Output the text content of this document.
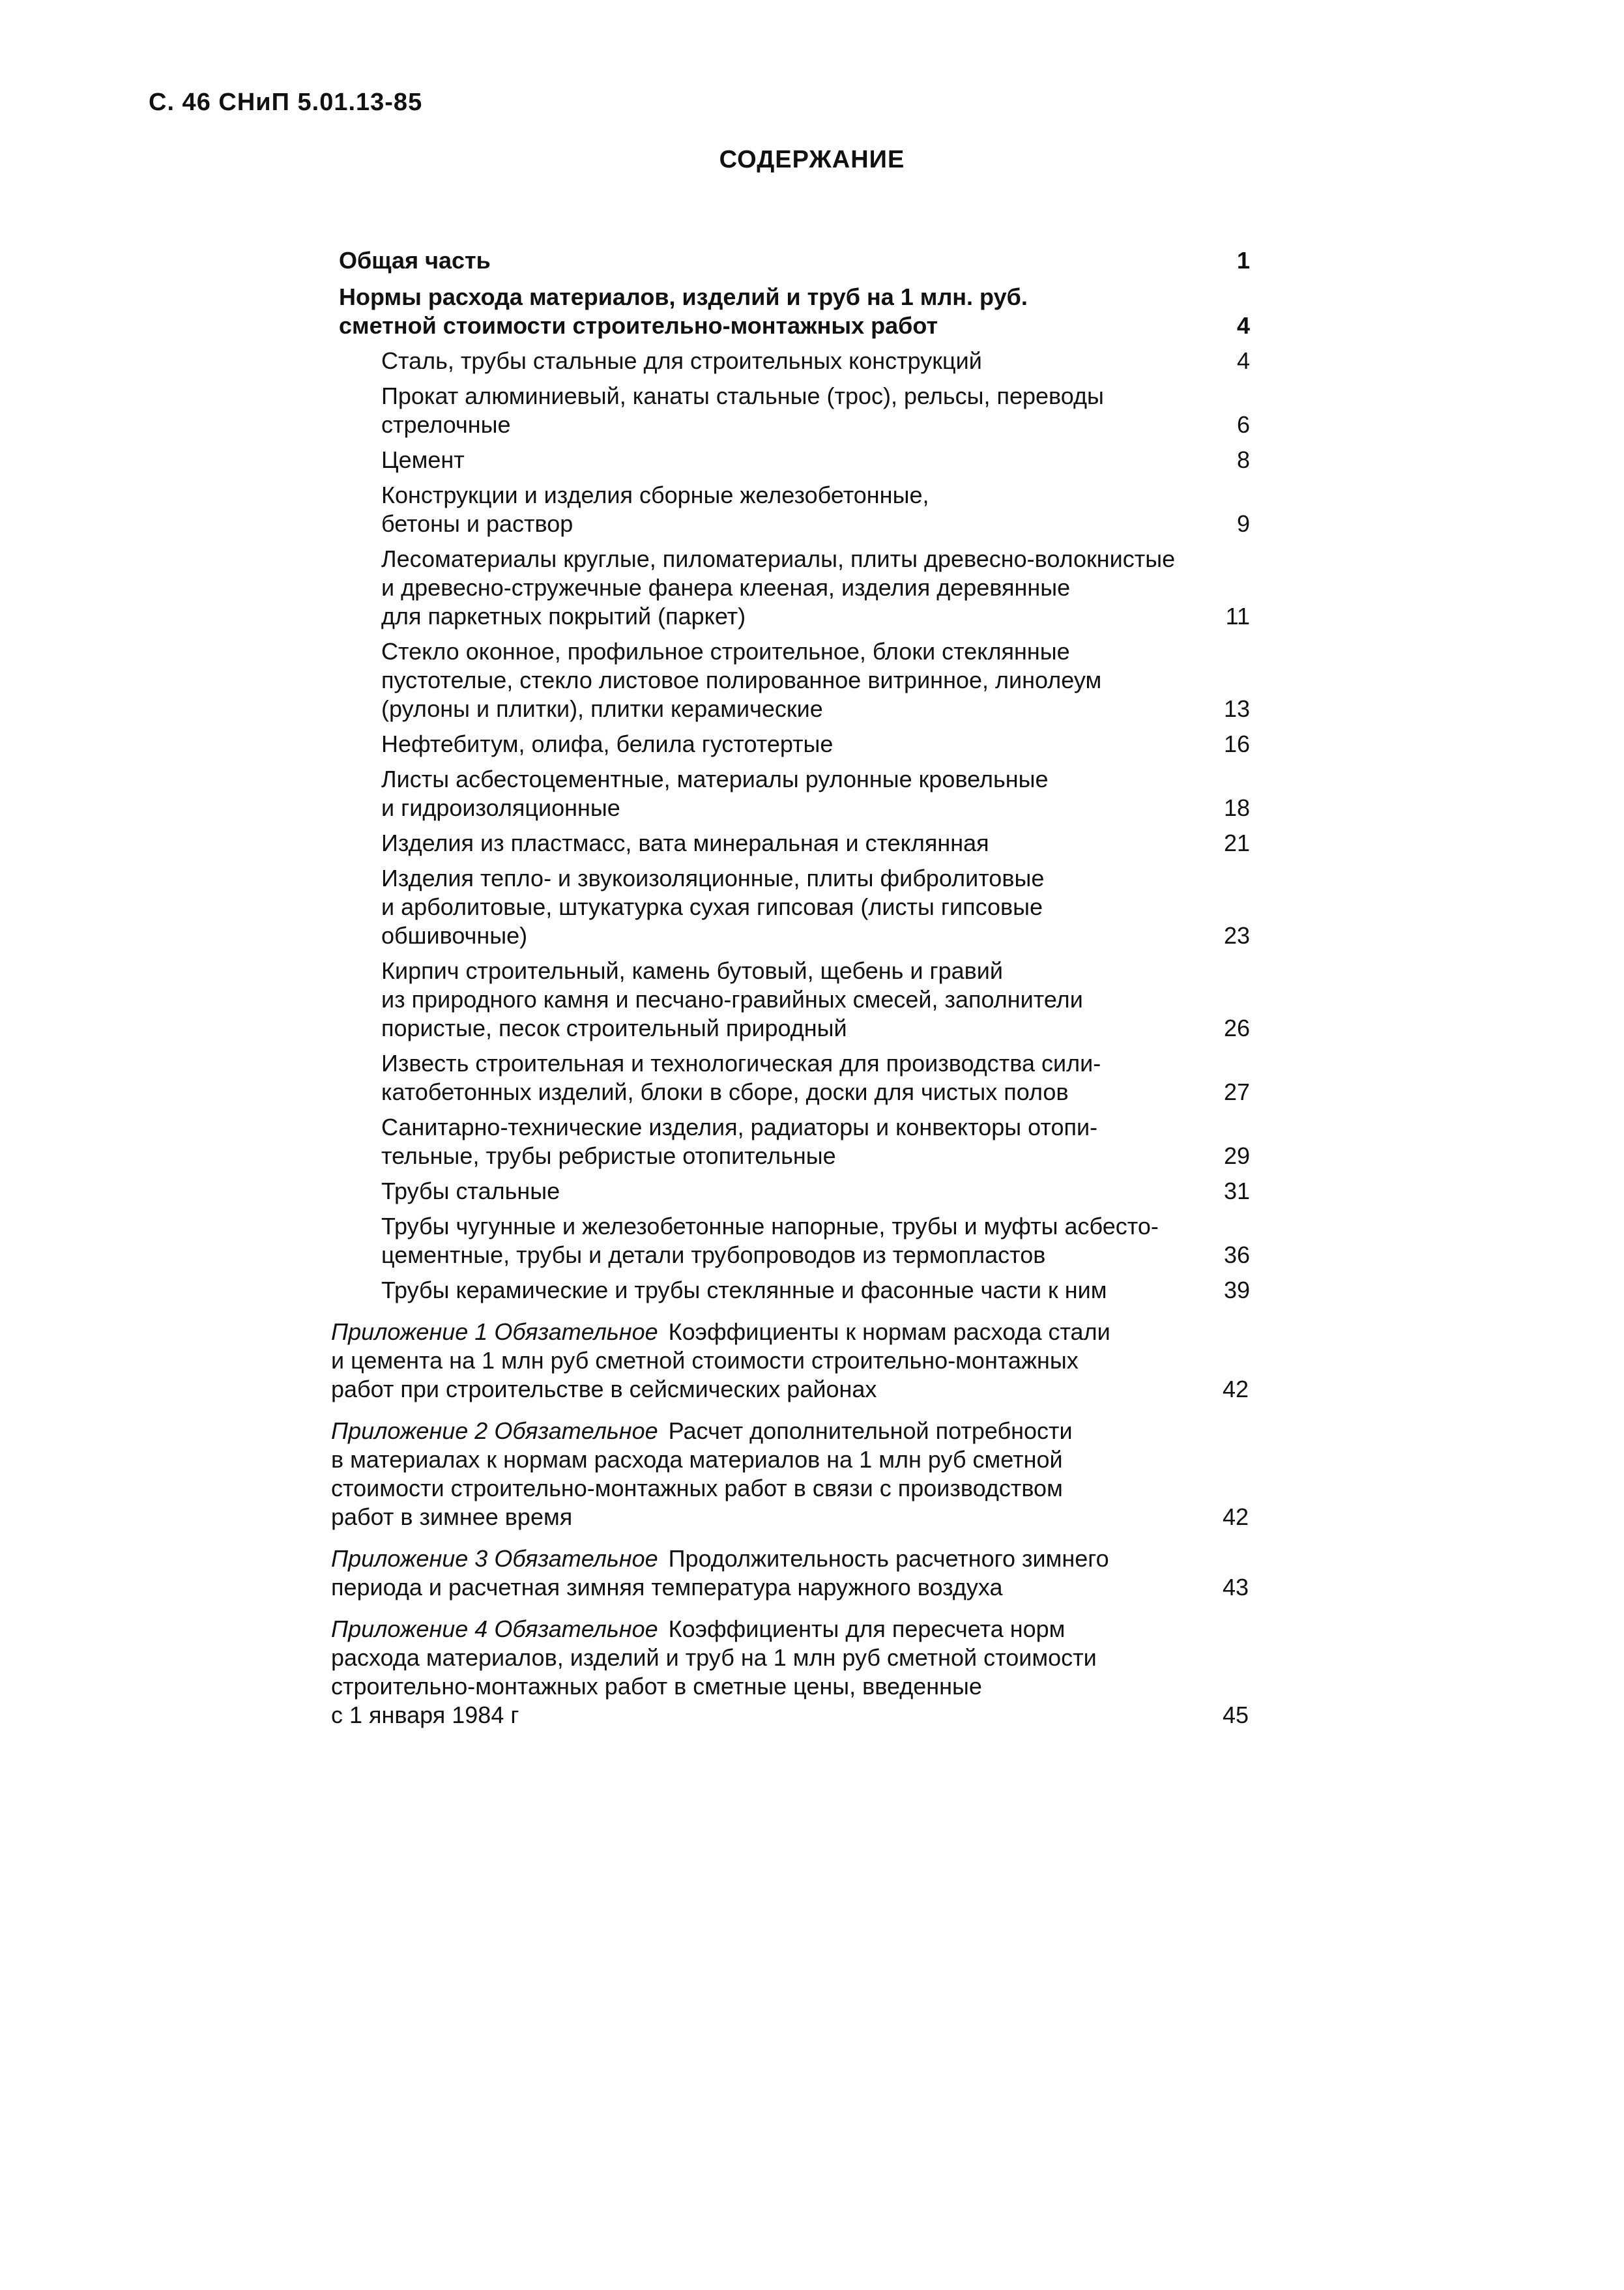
С. 46 СНиП 5.01.13-85
СОДЕРЖАНИЕ
Общая часть	1
Нормы расхода материалов, изделий и труб на 1 млн. руб.
сметной стоимости строительно-монтажных работ	4
Сталь, трубы стальные для строительных конструкций	4
Прокат алюминиевый, канаты стальные (трос), рельсы, переводы
стрелочные	6
Цемент	8
Конструкции и изделия сборные железобетонные,
бетоны и раствор	9
Лесоматериалы круглые, пиломатериалы, плиты древесно-волокнистые
и древесно-стружечные фанера клееная, изделия деревянные
для паркетных покрытий (паркет)	11
Стекло оконное, профильное строительное, блоки стеклянные
пустотелые, стекло листовое полированное витринное, линолеум
(рулоны и плитки), плитки керамические	13
Нефтебитум, олифа, белила густотертые	16
Листы асбестоцементные, материалы рулонные кровельные
и гидроизоляционные	18
Изделия из пластмасс, вата минеральная и стеклянная	21
Изделия тепло- и звукоизоляционные, плиты фибролитовые
и арболитовые, штукатурка сухая гипсовая (листы гипсовые
обшивочные)	23
Кирпич строительный, камень бутовый, щебень и гравий
из природного камня и песчано-гравийных смесей, заполнители
пористые, песок строительный природный	26
Известь строительная и технологическая для производства сили-
катобетонных изделий, блоки в сборе, доски для чистых полов	27
Санитарно-технические изделия, радиаторы и конвекторы отопи-
тельные, трубы ребристые отопительные	29
Трубы стальные	31
Трубы чугунные и железобетонные напорные, трубы и муфты асбесто-
цементные, трубы и детали трубопроводов из термопластов	36
Трубы керамические и трубы стеклянные и фасонные части к ним	39
Приложение 1 Обязательное Коэффициенты к нормам расхода стали
и цемента на 1 млн руб сметной стоимости строительно-монтажных
работ при строительстве в сейсмических районах	42
Приложение 2 Обязательное Расчет дополнительной потребности
в материалах к нормам расхода материалов на 1 млн руб сметной
стоимости строительно-монтажных работ в связи с производством
работ в зимнее время	42
Приложение 3 Обязательное Продолжительность расчетного зимнего
периода и расчетная зимняя температура наружного воздуха	43
Приложение 4 Обязательное Коэффициенты для пересчета норм
расхода материалов, изделий и труб на 1 млн руб сметной стоимости
строительно-монтажных работ в сметные цены, введенные
с 1 января 1984 г	45
